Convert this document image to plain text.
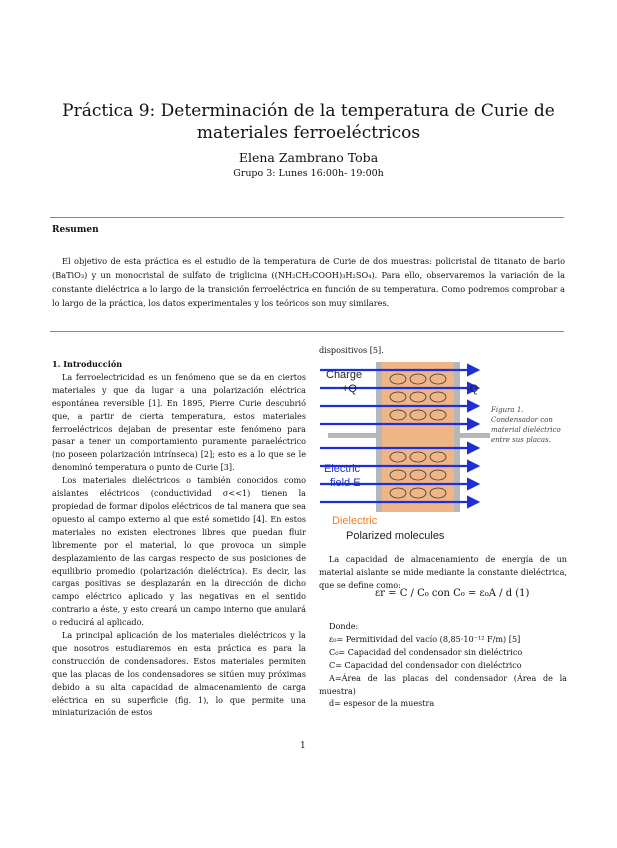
Práctica 9: Determinación de la temperatura de Curie de materiales ferroeléctricos
Elena Zambrano Toba
Grupo 3: Lunes 16:00h- 19:00h
Resumen
El objetivo de esta práctica es el estudio de la temperatura de Curie de dos muestras: policristal de titanato de bario (BaTiO₃) y un monocristal de sulfato de triglicina ((NH₂CH₂COOH)₃H₂SO₄). Para ello, observaremos la variación de la constante dieléctrica a lo largo de la transición ferroeléctrica en función de su temperatura. Como podremos comprobar a lo largo de la práctica, los datos experimentales y los teóricos son muy similares.

1. Introducción

La ferroelectricidad es un fenómeno que se da en ciertos materiales y que da lugar a una polarización eléctrica espontánea reversible [1]. En 1895, Pierre Curie descubrió que, a partir de cierta temperatura, estos materiales ferroeléctricos dejaban de presentar este fenómeno para pasar a tener un comportamiento puramente paraeléctrico (no poseen polarización intrínseca) [2]; esto es a lo que se le denominó temperatura o punto de Curie [3].

Los materiales dieléctricos o también conocidos como aislantes eléctricos (conductividad σ<<1) tienen la propiedad de formar dipolos eléctricos de tal manera que sea opuesto al campo externo al que esté sometido [4]. En estos materiales no existen electrones libres que puedan fluir libremente por el material, lo que provoca un simple desplazamiento de las cargas respecto de sus posiciones de equilibrio promedio (polarización dieléctrica). Es decir, las cargas positivas se desplazarán en la dirección de dicho campo eléctrico aplicado y las negativas en el sentido contrario a éste, y esto creará un campo interno que anulará o reducirá al aplicado.

La principal aplicación de los materiales dieléctricos y la que nosotros estudiaremos en esta práctica es para la construcción de condensadores. Estos materiales permiten que las placas de los condensadores se sitúen muy próximas debido a su alta capacidad de almacenamiento de carga eléctrica en su superficie (fig. 1), lo que permite una miniaturización de estos

dispositivos [5].

Charge
+Q	-Q
Electric
field E
Dielectric
Polarized molecules
Figura 1. Condensador con material dieléctrico entre sus placas.

La capacidad de almacenamiento de energía de un material aislante se mide mediante la constante dieléctrica, que se define como:

εr = C / C₀ con C₀ = ε₀A / d (1)

Donde:

ε₀= Permitividad del vacío (8,85·10⁻¹² F/m) [5]

C₀= Capacidad del condensador sin dieléctrico

C= Capacidad del condensador con dieléctrico

A=Área de las placas del condensador (Área de la muestra)

d= espesor de la muestra

1
